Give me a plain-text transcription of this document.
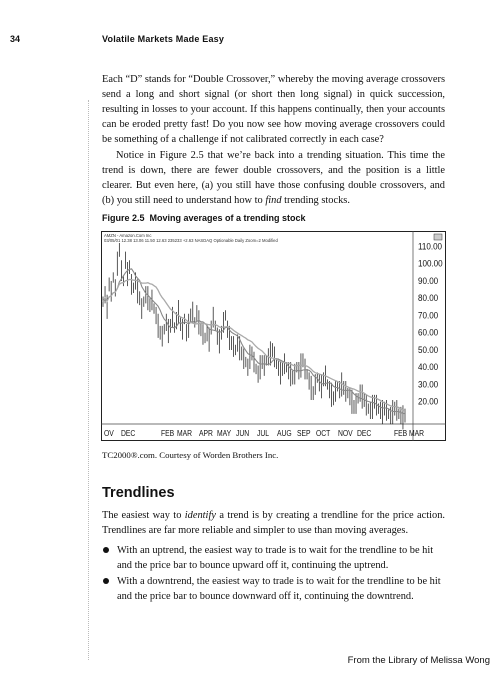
34	Volatile Markets Made Easy

Each “D” stands for “Double Crossover,” whereby the moving average crossovers send a long and short signal (or short then long signal) in quick succession, resulting in losses to your account. If this happens continually, then your accounts can be eroded pretty fast! Do you now see how moving average crossovers could be something of a challenge if not calibrated correctly in each case?

Notice in Figure 2.5 that we’re back into a trending situation. This time the trend is down, there are fewer double crossovers, and the position is a little clearer. But even here, (a) you still have those confusing double crossovers, and (b) you still need to understand how to find trending stocks.

Figure 2.5 Moving averages of a trending stock
AMZN - Amazon.Com Inc
03/05/01 12.38 13.06 11.50 12.63 235233 +2.63 NASDAQ Optionable Daily Zoom=2 Modified
110.00
100.00
90.00
80.00
70.00
60.00
50.00
40.00
30.00
20.00
OV DEC	FEB MAR APR MAY JUN JUL AUG SEP OCT NOV DEC	FEB MAR
TC2000®.com. Courtesy of Worden Brothers Inc.
Trendlines

The easiest way to identify a trend is by creating a trendline for the price action. Trendlines are far more reliable and simpler to use than moving averages.

With an uptrend, the easiest way to trade is to wait for the trendline to be hit and the price bar to bounce upward off it, continuing the uptrend.
With a downtrend, the easiest way to trade is to wait for the trendline to be hit and the price bar to bounce downward off it, continuing the downtrend.
From the Library of Melissa Wong
